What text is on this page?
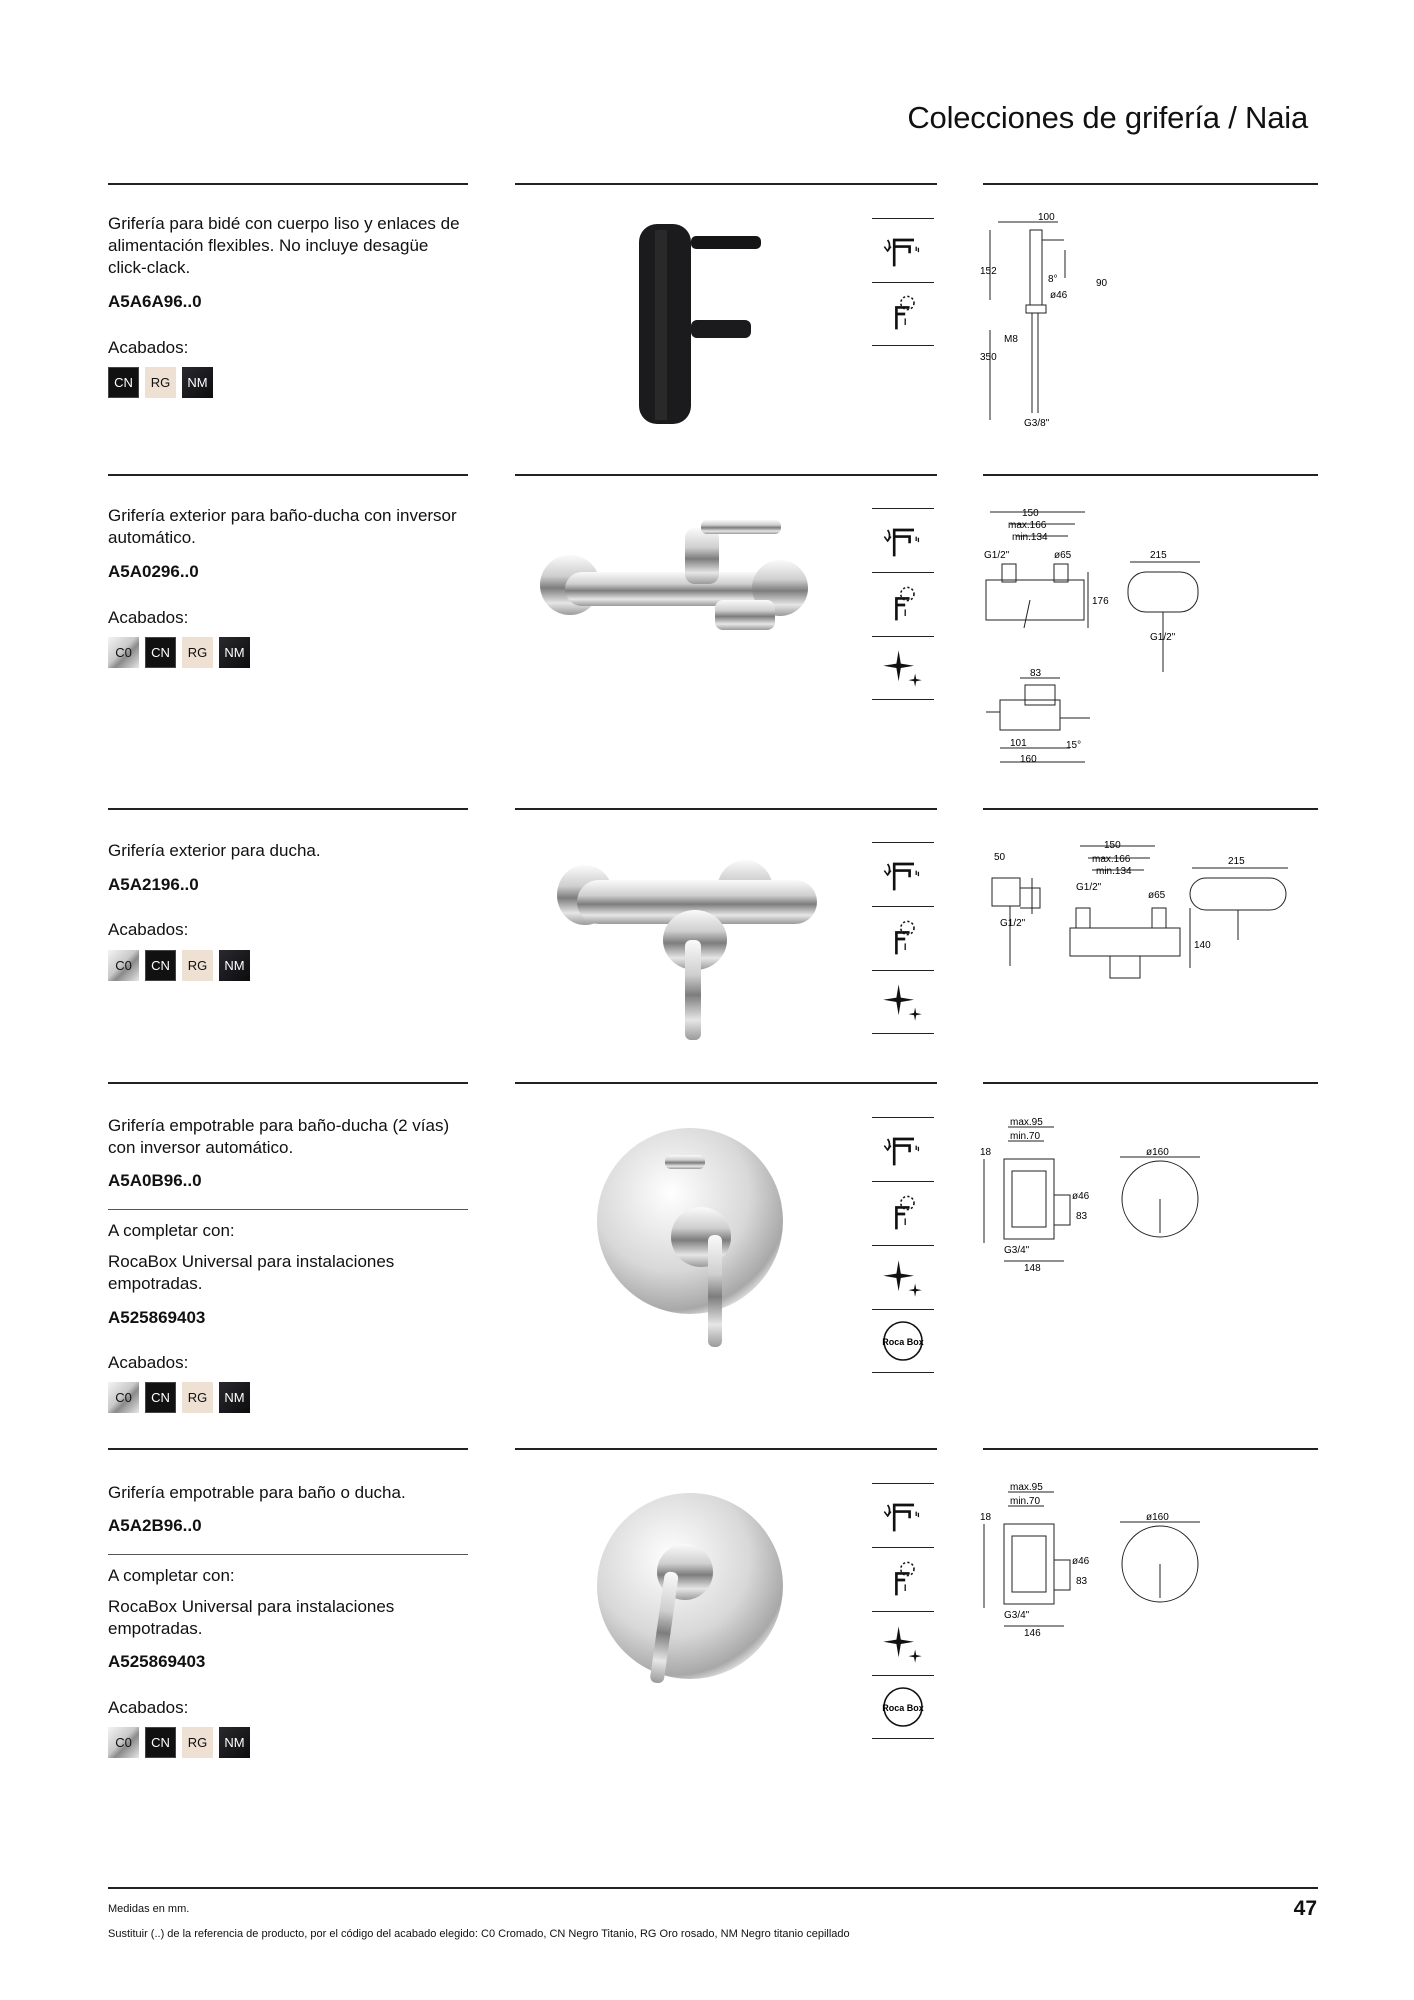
Colecciones de grifería / Naia
Grifería para bidé con cuerpo liso y enlaces de alimentación flexibles. No incluye desagüe click-clack.
A5A6A96..0
Acabados:
CN	RG	NM
100
152
8°	90
ø46
M8
350
G3/8"
Grifería exterior para baño-ducha con inversor automático.
A5A0296..0
Acabados:
C0	CN	RG	NM
150
max.166
min.134
G1/2"	ø65
176
215
G1/2"
83
101
160
15°
Grifería exterior para ducha.
A5A2196..0
Acabados:
C0	CN	RG	NM
50
150
max.166
min.134
G1/2"
ø65
215
G1/2"
140
Grifería empotrable para baño-ducha (2 vías) con inversor automático.
A5A0B96..0
A completar con:
RocaBox Universal para instalaciones empotradas.
A525869403
Acabados:
C0	CN	RG	NM
Roca Box
max.95
min.70
18
ø46
83
G3/4"
148
ø160
Grifería empotrable para baño o ducha.
A5A2B96..0
A completar con:
RocaBox Universal para instalaciones empotradas.
A525869403
Acabados:
C0	CN	RG	NM
Roca Box
max.95
min.70
18
ø46
83
G3/4"
146
ø160
Medidas en mm.
Sustituir (..) de la referencia de producto, por el código del acabado elegido: C0 Cromado, CN Negro Titanio, RG Oro rosado, NM Negro titanio cepillado
47
